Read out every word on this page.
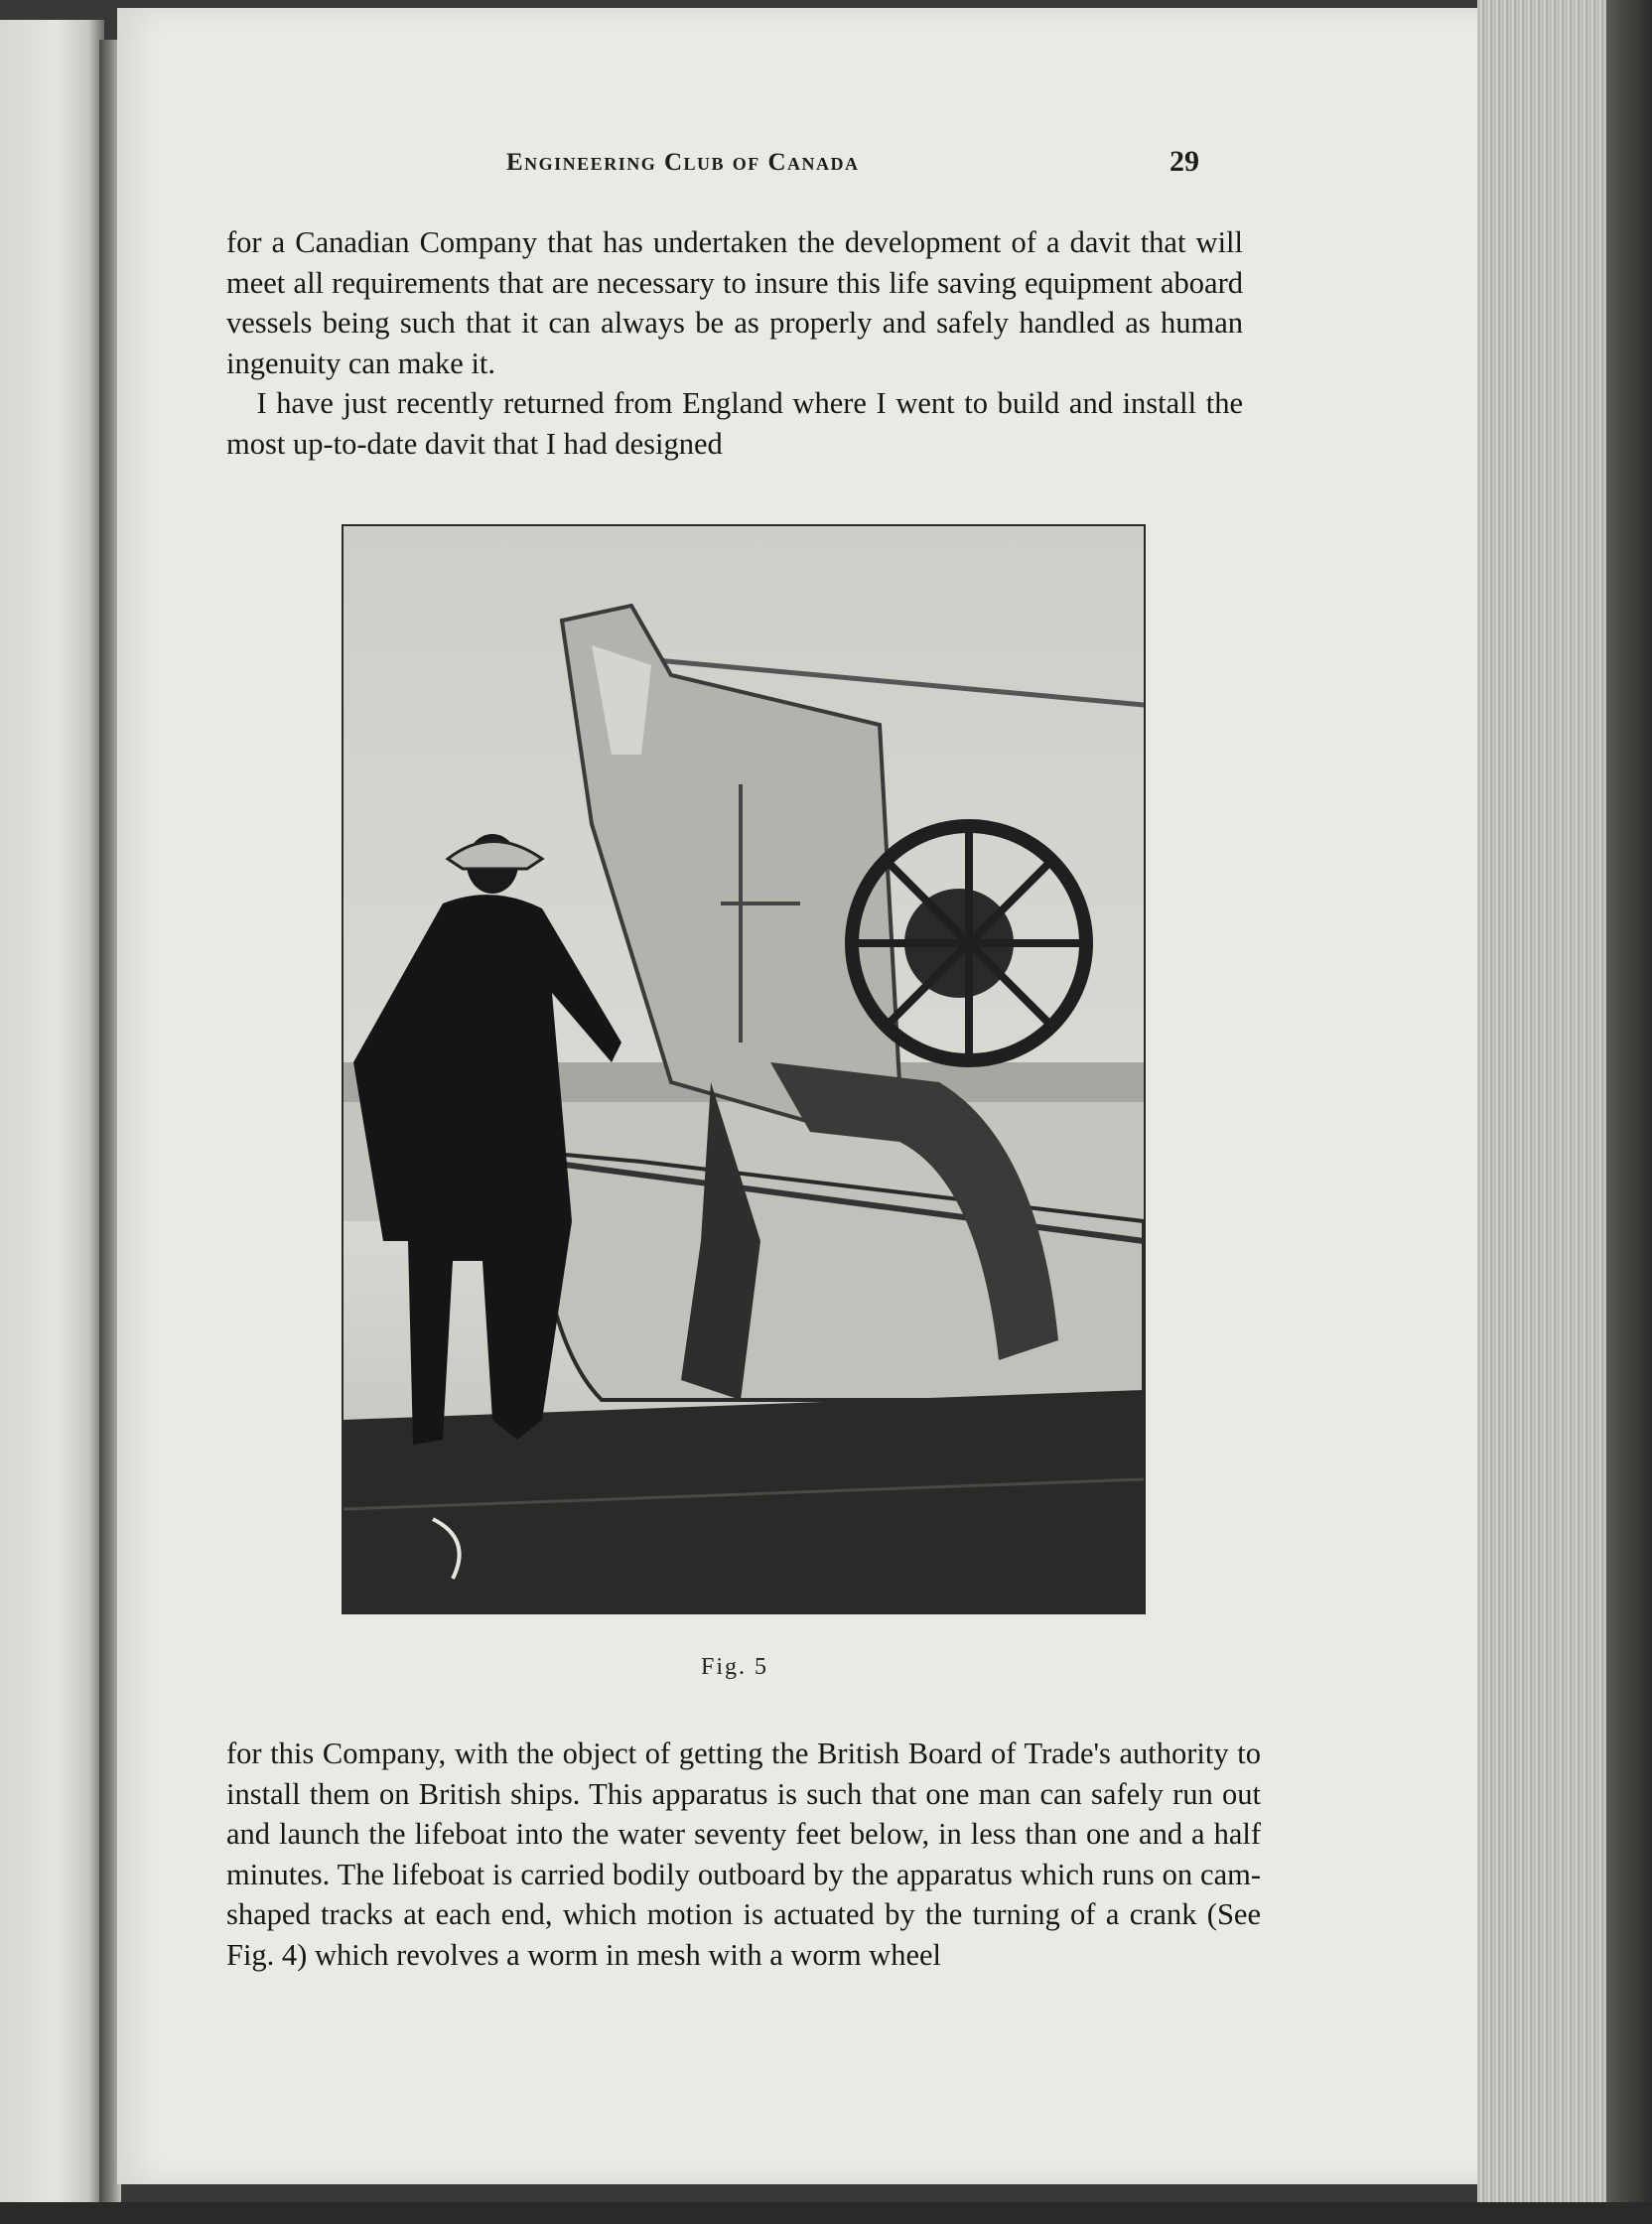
Engineering Club of Canada	29
for a Canadian Company that has undertaken the development of a davit that will meet all requirements that are necessary to insure this life saving equipment aboard vessels being such that it can always be as properly and safely handled as human ingenuity can make it.
 I have just recently returned from England where I went to build and install the most up-to-date davit that I had designed
Fig. 5
for this Company, with the object of getting the British Board of Trade's authority to install them on British ships. This apparatus is such that one man can safely run out and launch the lifeboat into the water seventy feet below, in less than one and a half minutes. The lifeboat is carried bodily outboard by the apparatus which runs on cam-shaped tracks at each end, which motion is actuated by the turning of a crank (See Fig. 4) which revolves a worm in mesh with a worm wheel
